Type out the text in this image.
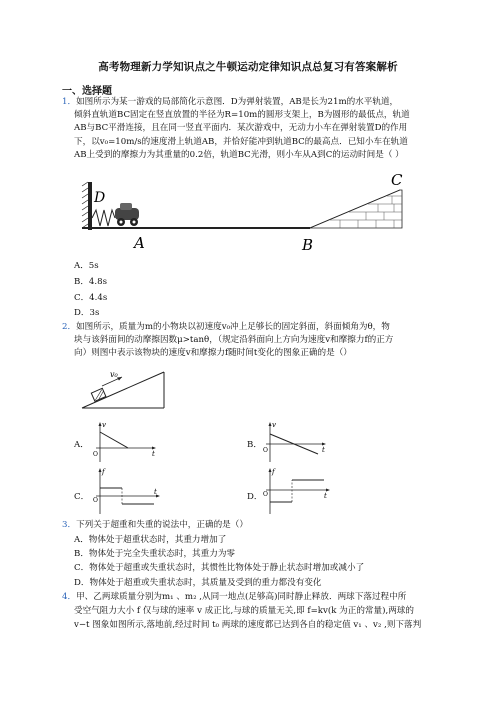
高考物理新力学知识点之牛顿运动定律知识点总复习有答案解析
一、选择题
1．如图所示为某一游戏的局部简化示意图．D为弹射装置，AB是长为21m的水平轨道，
倾斜直轨道BC固定在竖直放置的半径为R=10m的圆形支架上，B为圆形的最低点，轨道
AB与BC平滑连接，且在同一竖直平面内．某次游戏中，无动力小车在弹射装置D的作用
下，以v₀=10m/s的速度滑上轨道AB，并恰好能冲到轨道BC的最高点．已知小车在轨道
AB上受到的摩擦力为其重量的0.2倍，轨道BC光滑，则小车从A到C的运动时间是（ ）
D
A	B
C
A．5s
B．4.8s
C．4.4s
D．3s
2．如图所示，质量为m的小物块以初速度v₀冲上足够长的固定斜面，斜面倾角为θ，物
块与该斜面间的动摩擦因数μ>tanθ，（规定沿斜面向上方向为速度v和摩擦力f的正方
向）则图中表示该物块的速度v和摩擦力f随时间t变化的图象正确的是（）
v₀
A．
v
O	t
B．
v
O	t
C．
f
O
t	D．
f
O	t
3．下列关于超重和失重的说法中，正确的是（）
A．物体处于超重状态时，其重力增加了
B．物体处于完全失重状态时，其重力为零
C．物体处于超重或失重状态时，其惯性比物体处于静止状态时增加或减小了
D．物体处于超重或失重状态时，其质量及受到的重力都没有变化
4．甲、乙两球质量分别为m₁ 、m₂ ,从同一地点(足够高)同时静止释放．两球下落过程中所
受空气阻力大小 f 仅与球的速率 v 成正比,与球的质量无关,即 f=kv(k 为正的常量),两球的
v−t 图象如图所示,落地前,经过时间 t₀ 两球的速度都已达到各自的稳定值 v₁ 、v₂ ,则下落判
